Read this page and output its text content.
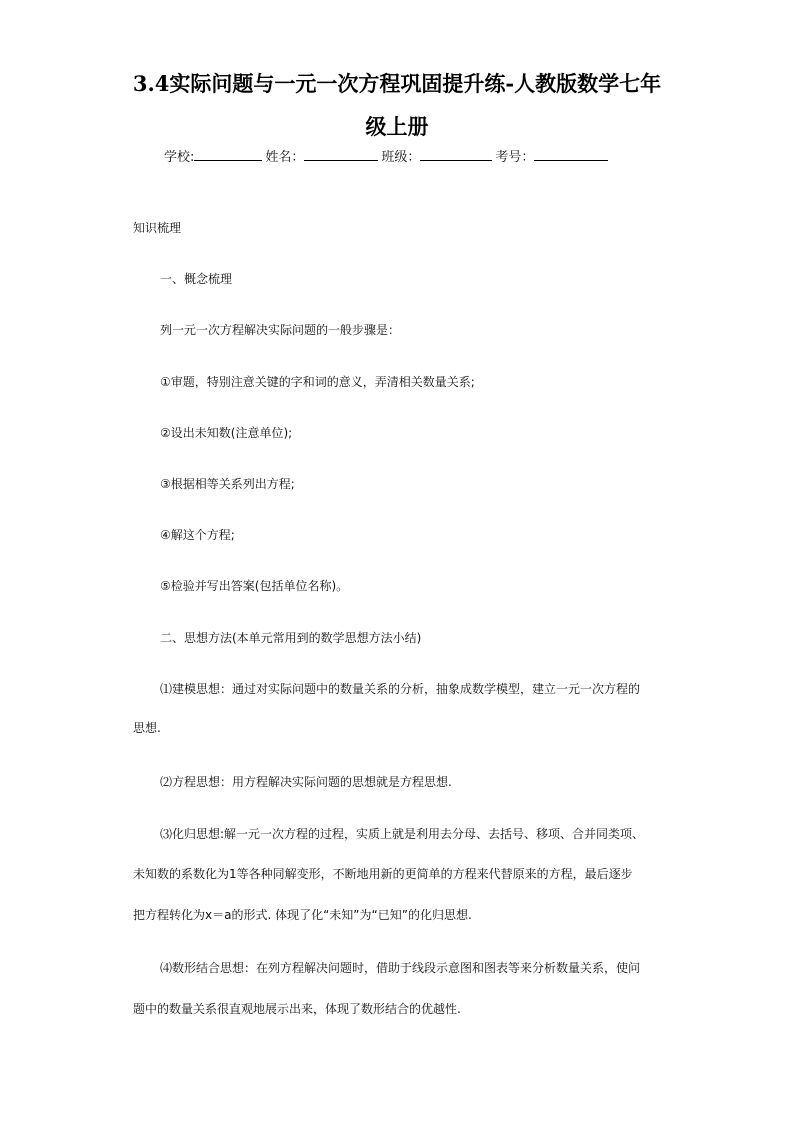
3.4实际问题与一元一次方程巩固提升练-人教版数学七年
级上册
学校:	姓名：	班级：	考号：
知识梳理
一、概念梳理
列一元一次方程解决实际问题的一般步骤是：
①审题，特别注意关键的字和词的意义，弄清相关数量关系;
②设出未知数(注意单位);
③根据相等关系列出方程;
④解这个方程;
⑤检验并写出答案(包括单位名称)。
二、思想方法(本单元常用到的数学思想方法小结)
⑴建模思想：通过对实际问题中的数量关系的分析，抽象成数学模型，建立一元一次方程的
思想.
⑵方程思想：用方程解决实际问题的思想就是方程思想.
⑶化归思想:解一元一次方程的过程，实质上就是利用去分母、去括号、移项、合并同类项、
未知数的系数化为1等各种同解变形，不断地用新的更简单的方程来代替原来的方程，最后逐步
把方程转化为x＝a的形式. 体现了化“未知”为“已知”的化归思想.
⑷数形结合思想：在列方程解决问题时，借助于线段示意图和图表等来分析数量关系，使问
题中的数量关系很直观地展示出来，体现了数形结合的优越性.
